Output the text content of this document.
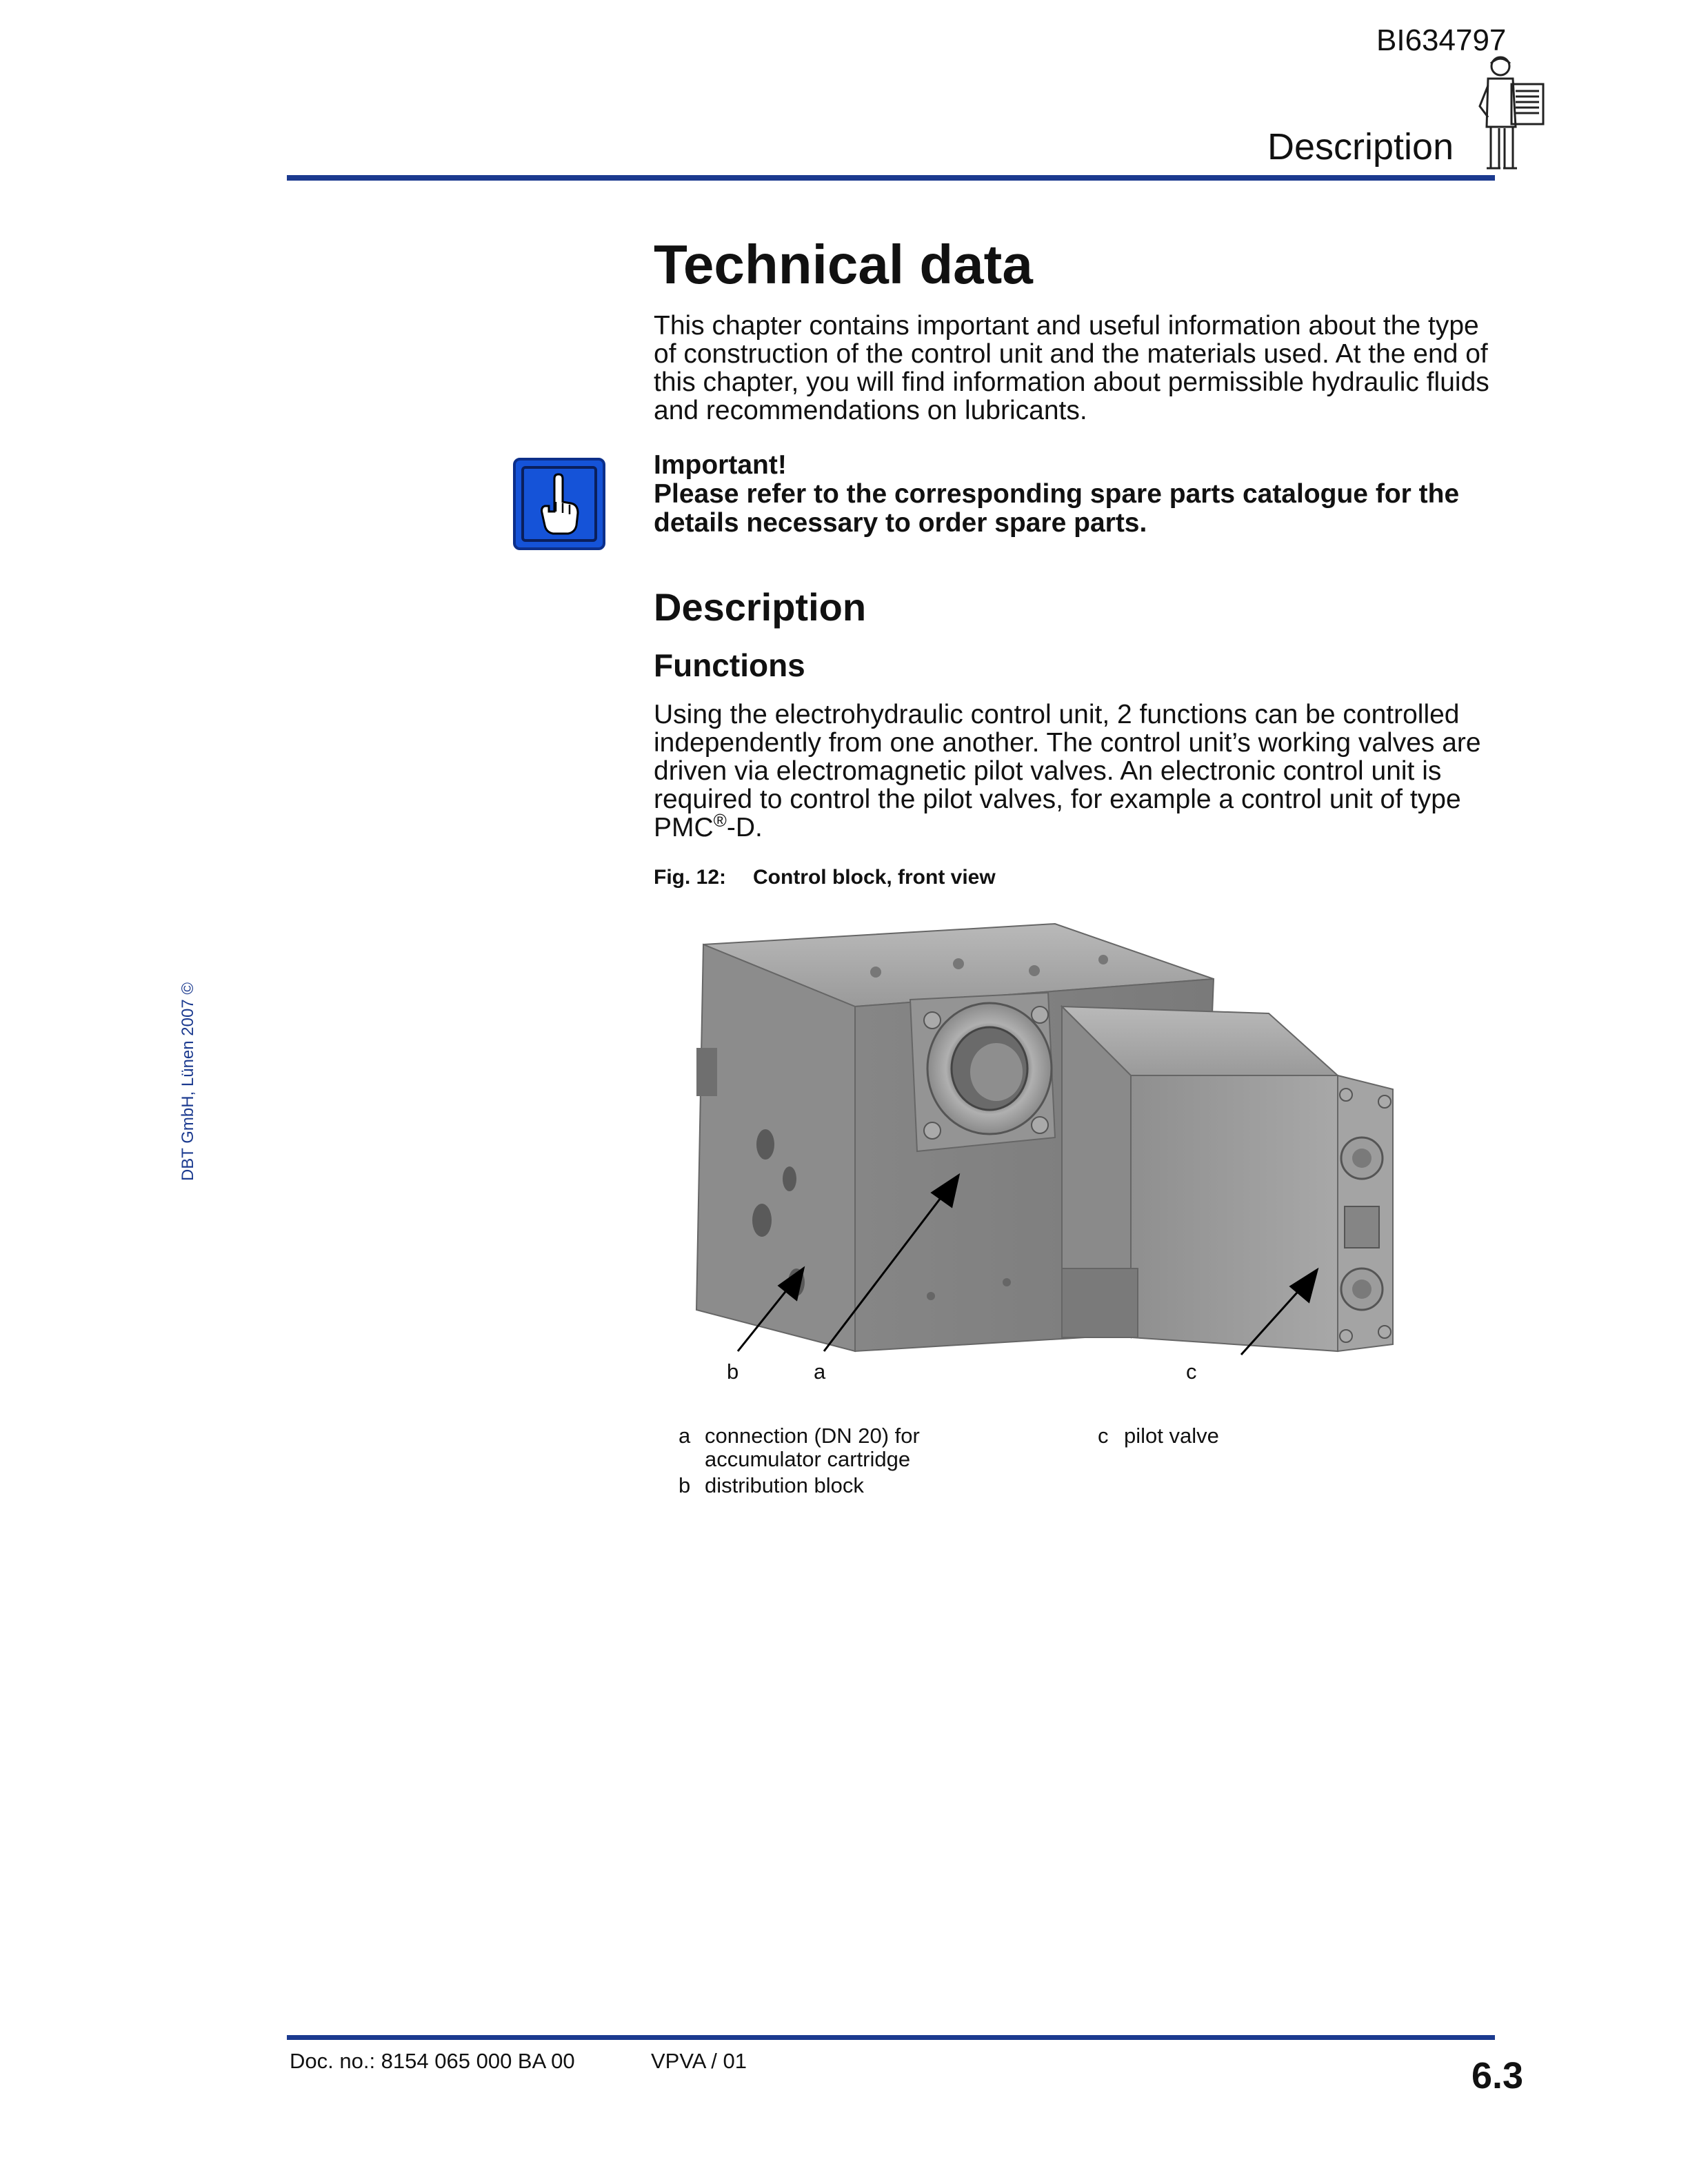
BI634797
Description
Technical data
This chapter contains important and useful information about the type of construction of the control unit and the materials used. At the end of this chapter, you will find information about permissible hydraulic fluids and recommendations on lubricants.
Important!
Please refer to the corresponding spare parts catalogue for the details necessary to order spare parts.
Description
Functions
Using the electrohydraulic control unit, 2 functions can be controlled independently from one another. The control unit’s working valves are driven via electromagnetic pilot valves. An electronic control unit is required to control the pilot valves, for example a control unit of type PMC®-D.
Fig. 12: Control block, front view
b	a	c
a connection (DN 20) for accumulator cartridge
b distribution block
c pilot valve
DBT GmbH, Lünen 2007 ©
Doc. no.: 8154 065 000 BA 00	VPVA / 01	6.3
